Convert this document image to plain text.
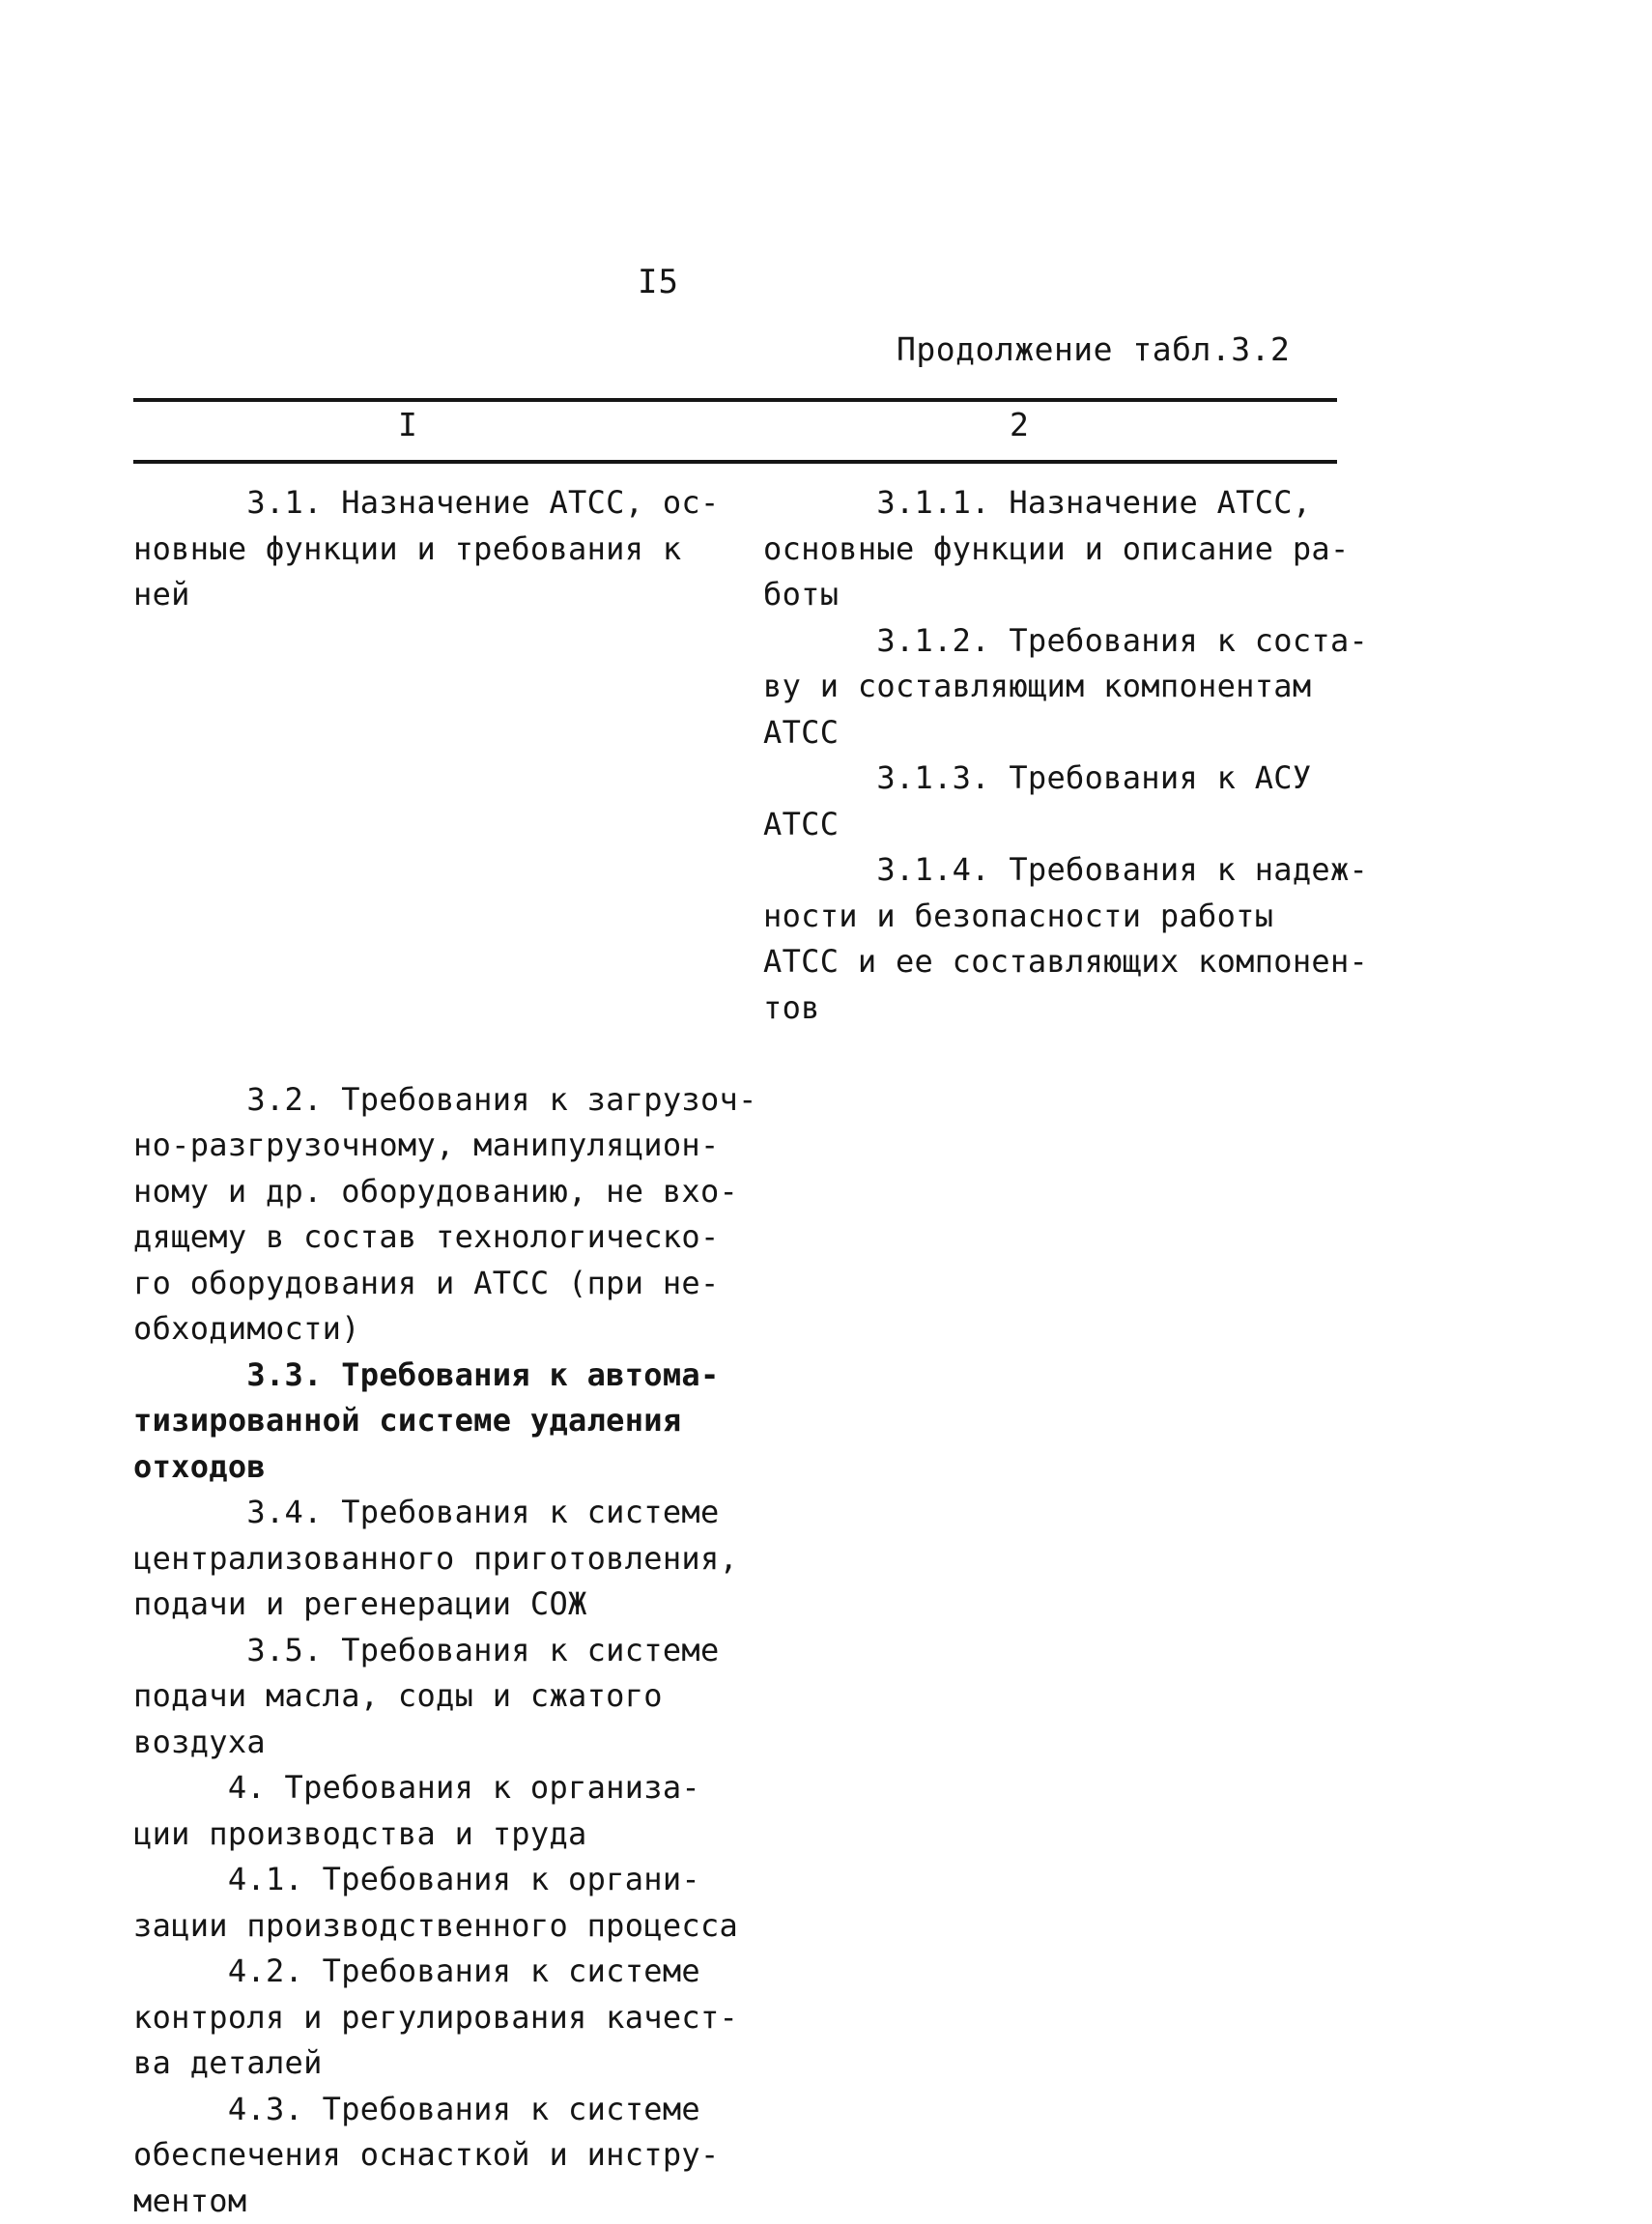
I5
Продолжение табл.3.2
I	2
3.1. Назначение АТСС, ос-
новные функции и требования к
ней
3.2. Требования к загрузоч-
но-разгрузочному, манипуляцион-
ному и др. оборудованию, не вхо-
дящему в состав технологическо-
го оборудования и АТСС (при не-
обходимости)
3.3. Требования к автома-
тизированной системе удаления
отходов
3.4. Требования к системе
централизованного приготовления,
подачи и регенерации СОЖ
3.5. Требования к системе
подачи масла, соды и сжатого
воздуха
4. Требования к организа-
ции производства и труда
4.1. Требования к органи-
зации производственного процесса
4.2. Требования к системе
контроля и регулирования качест-
ва деталей
4.3. Требования к системе
обеспечения оснасткой и инстру-
ментом
3.1.1. Назначение АТСС,
основные функции и описание ра-
боты
3.1.2. Требования к соста-
ву и составляющим компонентам
АТСС
3.1.3. Требования к АСУ
АТСС
3.1.4. Требования к надеж-
ности и безопасности работы
АТСС и ее составляющих компонен-
тов
